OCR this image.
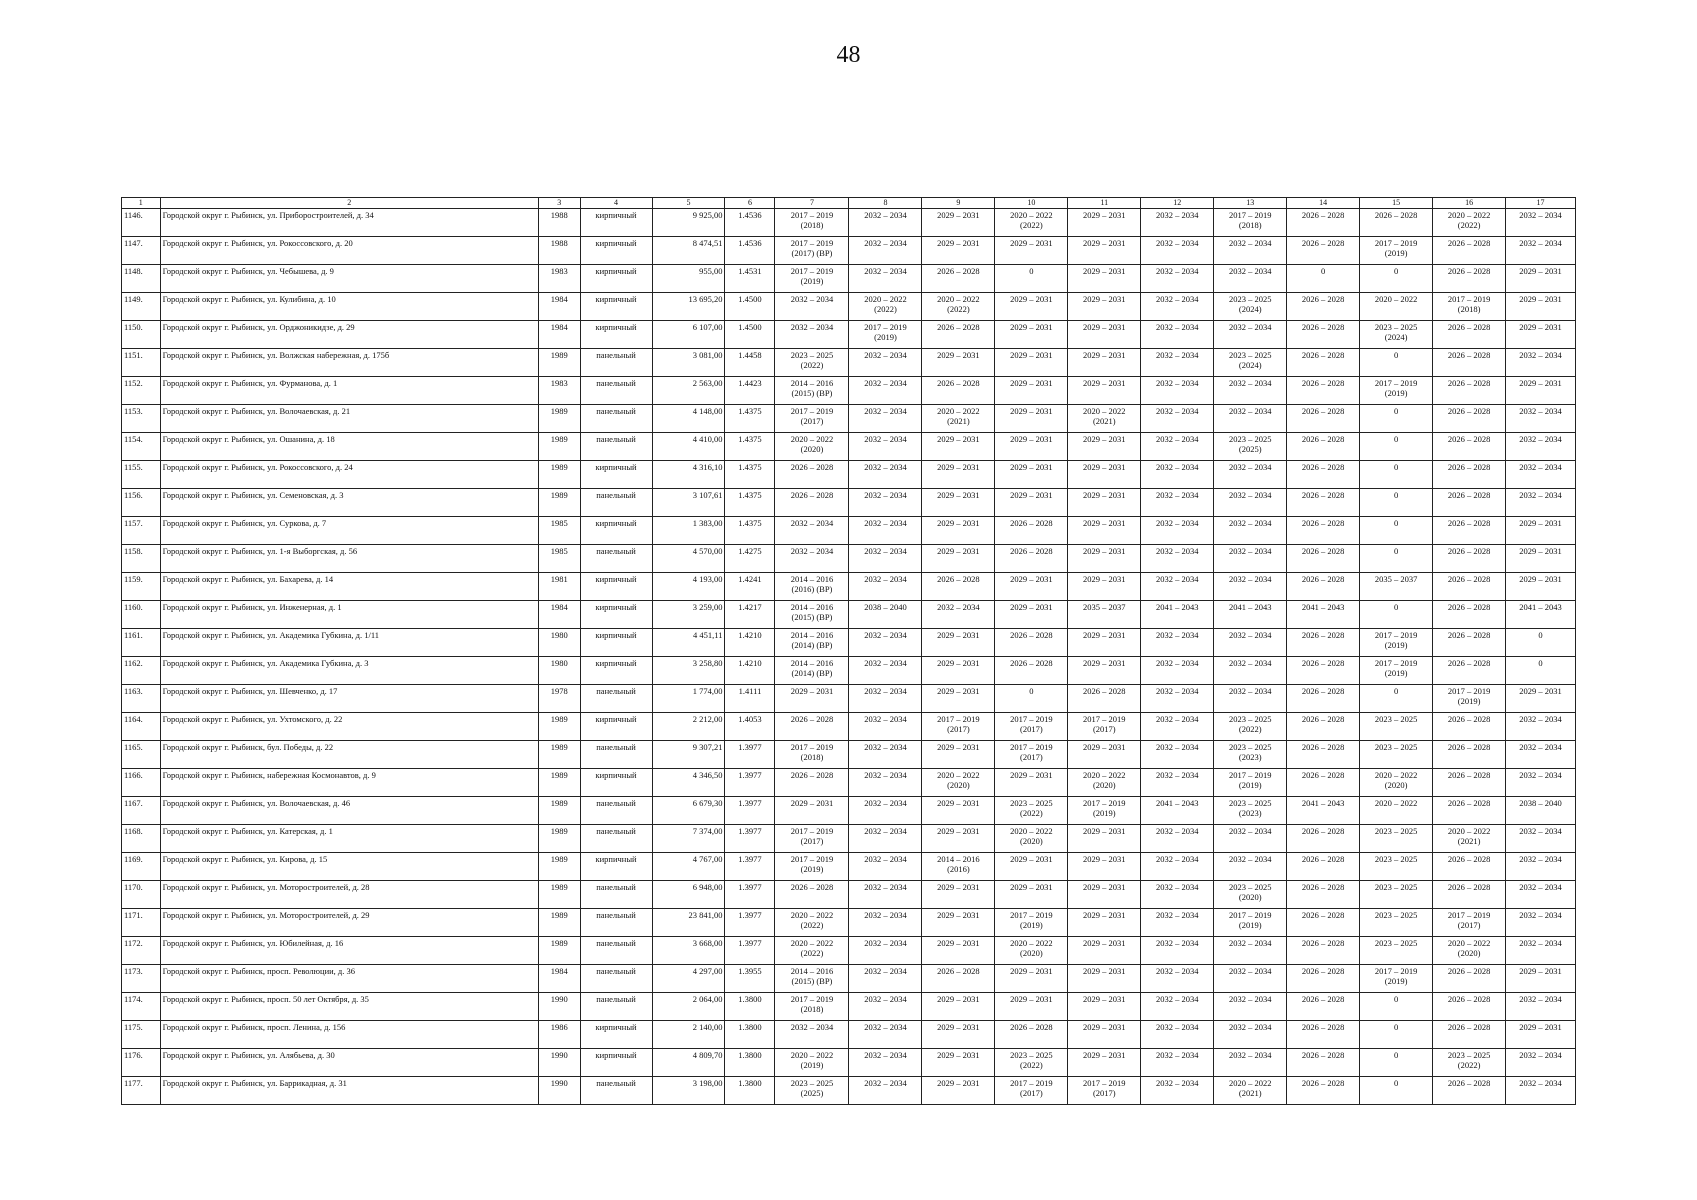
48
1	2	3	4	5	6	7	8	9	10	11	12	13	14	15	16	17
1146.	Городской округ г. Рыбинск, ул. Приборостроителей, д. 34	1988	кирпичный	9 925,00	1.4536	2017 – 2019
(2018)	2032 – 2034	2029 – 2031	2020 – 2022
(2022)	2029 – 2031	2032 – 2034	2017 – 2019
(2018)	2026 – 2028	2026 – 2028	2020 – 2022
(2022)	2032 – 2034
1147.	Городской округ г. Рыбинск, ул. Рокоссовского, д. 20	1988	кирпичный	8 474,51	1.4536	2017 – 2019
(2017) (ВР)	2032 – 2034	2029 – 2031	2029 – 2031	2029 – 2031	2032 – 2034	2032 – 2034	2026 – 2028	2017 – 2019
(2019)	2026 – 2028	2032 – 2034
1148.	Городской округ г. Рыбинск, ул. Чебышева, д. 9	1983	кирпичный	955,00	1.4531	2017 – 2019
(2019)	2032 – 2034	2026 – 2028	0	2029 – 2031	2032 – 2034	2032 – 2034	0	0	2026 – 2028	2029 – 2031
1149.	Городской округ г. Рыбинск, ул. Кулибина, д. 10	1984	кирпичный	13 695,20	1.4500	2032 – 2034	2020 – 2022
(2022)	2020 – 2022
(2022)	2029 – 2031	2029 – 2031	2032 – 2034	2023 – 2025
(2024)	2026 – 2028	2020 – 2022	2017 – 2019
(2018)	2029 – 2031
1150.	Городской округ г. Рыбинск, ул. Орджоникидзе, д. 29	1984	кирпичный	6 107,00	1.4500	2032 – 2034	2017 – 2019
(2019)	2026 – 2028	2029 – 2031	2029 – 2031	2032 – 2034	2032 – 2034	2026 – 2028	2023 – 2025
(2024)	2026 – 2028	2029 – 2031
1151.	Городской округ г. Рыбинск, ул. Волжская набережная, д. 175б	1989	панельный	3 081,00	1.4458	2023 – 2025
(2022)	2032 – 2034	2029 – 2031	2029 – 2031	2029 – 2031	2032 – 2034	2023 – 2025
(2024)	2026 – 2028	0	2026 – 2028	2032 – 2034
1152.	Городской округ г. Рыбинск, ул. Фурманова, д. 1	1983	панельный	2 563,00	1.4423	2014 – 2016
(2015) (ВР)	2032 – 2034	2026 – 2028	2029 – 2031	2029 – 2031	2032 – 2034	2032 – 2034	2026 – 2028	2017 – 2019
(2019)	2026 – 2028	2029 – 2031
1153.	Городской округ г. Рыбинск, ул. Волочаевская, д. 21	1989	панельный	4 148,00	1.4375	2017 – 2019
(2017)	2032 – 2034	2020 – 2022
(2021)	2029 – 2031	2020 – 2022
(2021)	2032 – 2034	2032 – 2034	2026 – 2028	0	2026 – 2028	2032 – 2034
1154.	Городской округ г. Рыбинск, ул. Ошанина, д. 18	1989	панельный	4 410,00	1.4375	2020 – 2022
(2020)	2032 – 2034	2029 – 2031	2029 – 2031	2029 – 2031	2032 – 2034	2023 – 2025
(2025)	2026 – 2028	0	2026 – 2028	2032 – 2034
1155.	Городской округ г. Рыбинск, ул. Рокоссовского, д. 24	1989	кирпичный	4 316,10	1.4375	2026 – 2028	2032 – 2034	2029 – 2031	2029 – 2031	2029 – 2031	2032 – 2034	2032 – 2034	2026 – 2028	0	2026 – 2028	2032 – 2034
1156.	Городской округ г. Рыбинск, ул. Семеновская, д. 3	1989	панельный	3 107,61	1.4375	2026 – 2028	2032 – 2034	2029 – 2031	2029 – 2031	2029 – 2031	2032 – 2034	2032 – 2034	2026 – 2028	0	2026 – 2028	2032 – 2034
1157.	Городской округ г. Рыбинск, ул. Суркова, д. 7	1985	кирпичный	1 383,00	1.4375	2032 – 2034	2032 – 2034	2029 – 2031	2026 – 2028	2029 – 2031	2032 – 2034	2032 – 2034	2026 – 2028	0	2026 – 2028	2029 – 2031
1158.	Городской округ г. Рыбинск, ул. 1-я Выборгская, д. 56	1985	панельный	4 570,00	1.4275	2032 – 2034	2032 – 2034	2029 – 2031	2026 – 2028	2029 – 2031	2032 – 2034	2032 – 2034	2026 – 2028	0	2026 – 2028	2029 – 2031
1159.	Городской округ г. Рыбинск, ул. Бахарева, д. 14	1981	кирпичный	4 193,00	1.4241	2014 – 2016
(2016) (ВР)	2032 – 2034	2026 – 2028	2029 – 2031	2029 – 2031	2032 – 2034	2032 – 2034	2026 – 2028	2035 – 2037	2026 – 2028	2029 – 2031
1160.	Городской округ г. Рыбинск, ул. Инженерная, д. 1	1984	кирпичный	3 259,00	1.4217	2014 – 2016
(2015) (ВР)	2038 – 2040	2032 – 2034	2029 – 2031	2035 – 2037	2041 – 2043	2041 – 2043	2041 – 2043	0	2026 – 2028	2041 – 2043
1161.	Городской округ г. Рыбинск, ул. Академика Губкина, д. 1/11	1980	кирпичный	4 451,11	1.4210	2014 – 2016
(2014) (ВР)	2032 – 2034	2029 – 2031	2026 – 2028	2029 – 2031	2032 – 2034	2032 – 2034	2026 – 2028	2017 – 2019
(2019)	2026 – 2028	0
1162.	Городской округ г. Рыбинск, ул. Академика Губкина, д. 3	1980	кирпичный	3 258,80	1.4210	2014 – 2016
(2014) (ВР)	2032 – 2034	2029 – 2031	2026 – 2028	2029 – 2031	2032 – 2034	2032 – 2034	2026 – 2028	2017 – 2019
(2019)	2026 – 2028	0
1163.	Городской округ г. Рыбинск, ул. Шевченко, д. 17	1978	панельный	1 774,00	1.4111	2029 – 2031	2032 – 2034	2029 – 2031	0	2026 – 2028	2032 – 2034	2032 – 2034	2026 – 2028	0	2017 – 2019
(2019)	2029 – 2031
1164.	Городской округ г. Рыбинск, ул. Ухтомского, д. 22	1989	кирпичный	2 212,00	1.4053	2026 – 2028	2032 – 2034	2017 – 2019
(2017)	2017 – 2019
(2017)	2017 – 2019
(2017)	2032 – 2034	2023 – 2025
(2022)	2026 – 2028	2023 – 2025	2026 – 2028	2032 – 2034
1165.	Городской округ г. Рыбинск, бул. Победы, д. 22	1989	панельный	9 307,21	1.3977	2017 – 2019
(2018)	2032 – 2034	2029 – 2031	2017 – 2019
(2017)	2029 – 2031	2032 – 2034	2023 – 2025
(2023)	2026 – 2028	2023 – 2025	2026 – 2028	2032 – 2034
1166.	Городской округ г. Рыбинск, набережная Космонавтов, д. 9	1989	кирпичный	4 346,50	1.3977	2026 – 2028	2032 – 2034	2020 – 2022
(2020)	2029 – 2031	2020 – 2022
(2020)	2032 – 2034	2017 – 2019
(2019)	2026 – 2028	2020 – 2022
(2020)	2026 – 2028	2032 – 2034
1167.	Городской округ г. Рыбинск, ул. Волочаевская, д. 46	1989	панельный	6 679,30	1.3977	2029 – 2031	2032 – 2034	2029 – 2031	2023 – 2025
(2022)	2017 – 2019
(2019)	2041 – 2043	2023 – 2025
(2023)	2041 – 2043	2020 – 2022	2026 – 2028	2038 – 2040
1168.	Городской округ г. Рыбинск, ул. Катерская, д. 1	1989	панельный	7 374,00	1.3977	2017 – 2019
(2017)	2032 – 2034	2029 – 2031	2020 – 2022
(2020)	2029 – 2031	2032 – 2034	2032 – 2034	2026 – 2028	2023 – 2025	2020 – 2022
(2021)	2032 – 2034
1169.	Городской округ г. Рыбинск, ул. Кирова, д. 15	1989	кирпичный	4 767,00	1.3977	2017 – 2019
(2019)	2032 – 2034	2014 – 2016
(2016)	2029 – 2031	2029 – 2031	2032 – 2034	2032 – 2034	2026 – 2028	2023 – 2025	2026 – 2028	2032 – 2034
1170.	Городской округ г. Рыбинск, ул. Моторостроителей, д. 28	1989	панельный	6 948,00	1.3977	2026 – 2028	2032 – 2034	2029 – 2031	2029 – 2031	2029 – 2031	2032 – 2034	2023 – 2025
(2020)	2026 – 2028	2023 – 2025	2026 – 2028	2032 – 2034
1171.	Городской округ г. Рыбинск, ул. Моторостроителей, д. 29	1989	панельный	23 841,00	1.3977	2020 – 2022
(2022)	2032 – 2034	2029 – 2031	2017 – 2019
(2019)	2029 – 2031	2032 – 2034	2017 – 2019
(2019)	2026 – 2028	2023 – 2025	2017 – 2019
(2017)	2032 – 2034
1172.	Городской округ г. Рыбинск, ул. Юбилейная, д. 16	1989	панельный	3 668,00	1.3977	2020 – 2022
(2022)	2032 – 2034	2029 – 2031	2020 – 2022
(2020)	2029 – 2031	2032 – 2034	2032 – 2034	2026 – 2028	2023 – 2025	2020 – 2022
(2020)	2032 – 2034
1173.	Городской округ г. Рыбинск, просп. Революции, д. 36	1984	панельный	4 297,00	1.3955	2014 – 2016
(2015) (ВР)	2032 – 2034	2026 – 2028	2029 – 2031	2029 – 2031	2032 – 2034	2032 – 2034	2026 – 2028	2017 – 2019
(2019)	2026 – 2028	2029 – 2031
1174.	Городской округ г. Рыбинск, просп. 50 лет Октября, д. 35	1990	панельный	2 064,00	1.3800	2017 – 2019
(2018)	2032 – 2034	2029 – 2031	2029 – 2031	2029 – 2031	2032 – 2034	2032 – 2034	2026 – 2028	0	2026 – 2028	2032 – 2034
1175.	Городской округ г. Рыбинск, просп. Ленина, д. 156	1986	кирпичный	2 140,00	1.3800	2032 – 2034	2032 – 2034	2029 – 2031	2026 – 2028	2029 – 2031	2032 – 2034	2032 – 2034	2026 – 2028	0	2026 – 2028	2029 – 2031
1176.	Городской округ г. Рыбинск, ул. Алябьева, д. 30	1990	кирпичный	4 809,70	1.3800	2020 – 2022
(2019)	2032 – 2034	2029 – 2031	2023 – 2025
(2022)	2029 – 2031	2032 – 2034	2032 – 2034	2026 – 2028	0	2023 – 2025
(2022)	2032 – 2034
1177.	Городской округ г. Рыбинск, ул. Баррикадная, д. 31	1990	панельный	3 198,00	1.3800	2023 – 2025
(2025)	2032 – 2034	2029 – 2031	2017 – 2019
(2017)	2017 – 2019
(2017)	2032 – 2034	2020 – 2022
(2021)	2026 – 2028	0	2026 – 2028	2032 – 2034
